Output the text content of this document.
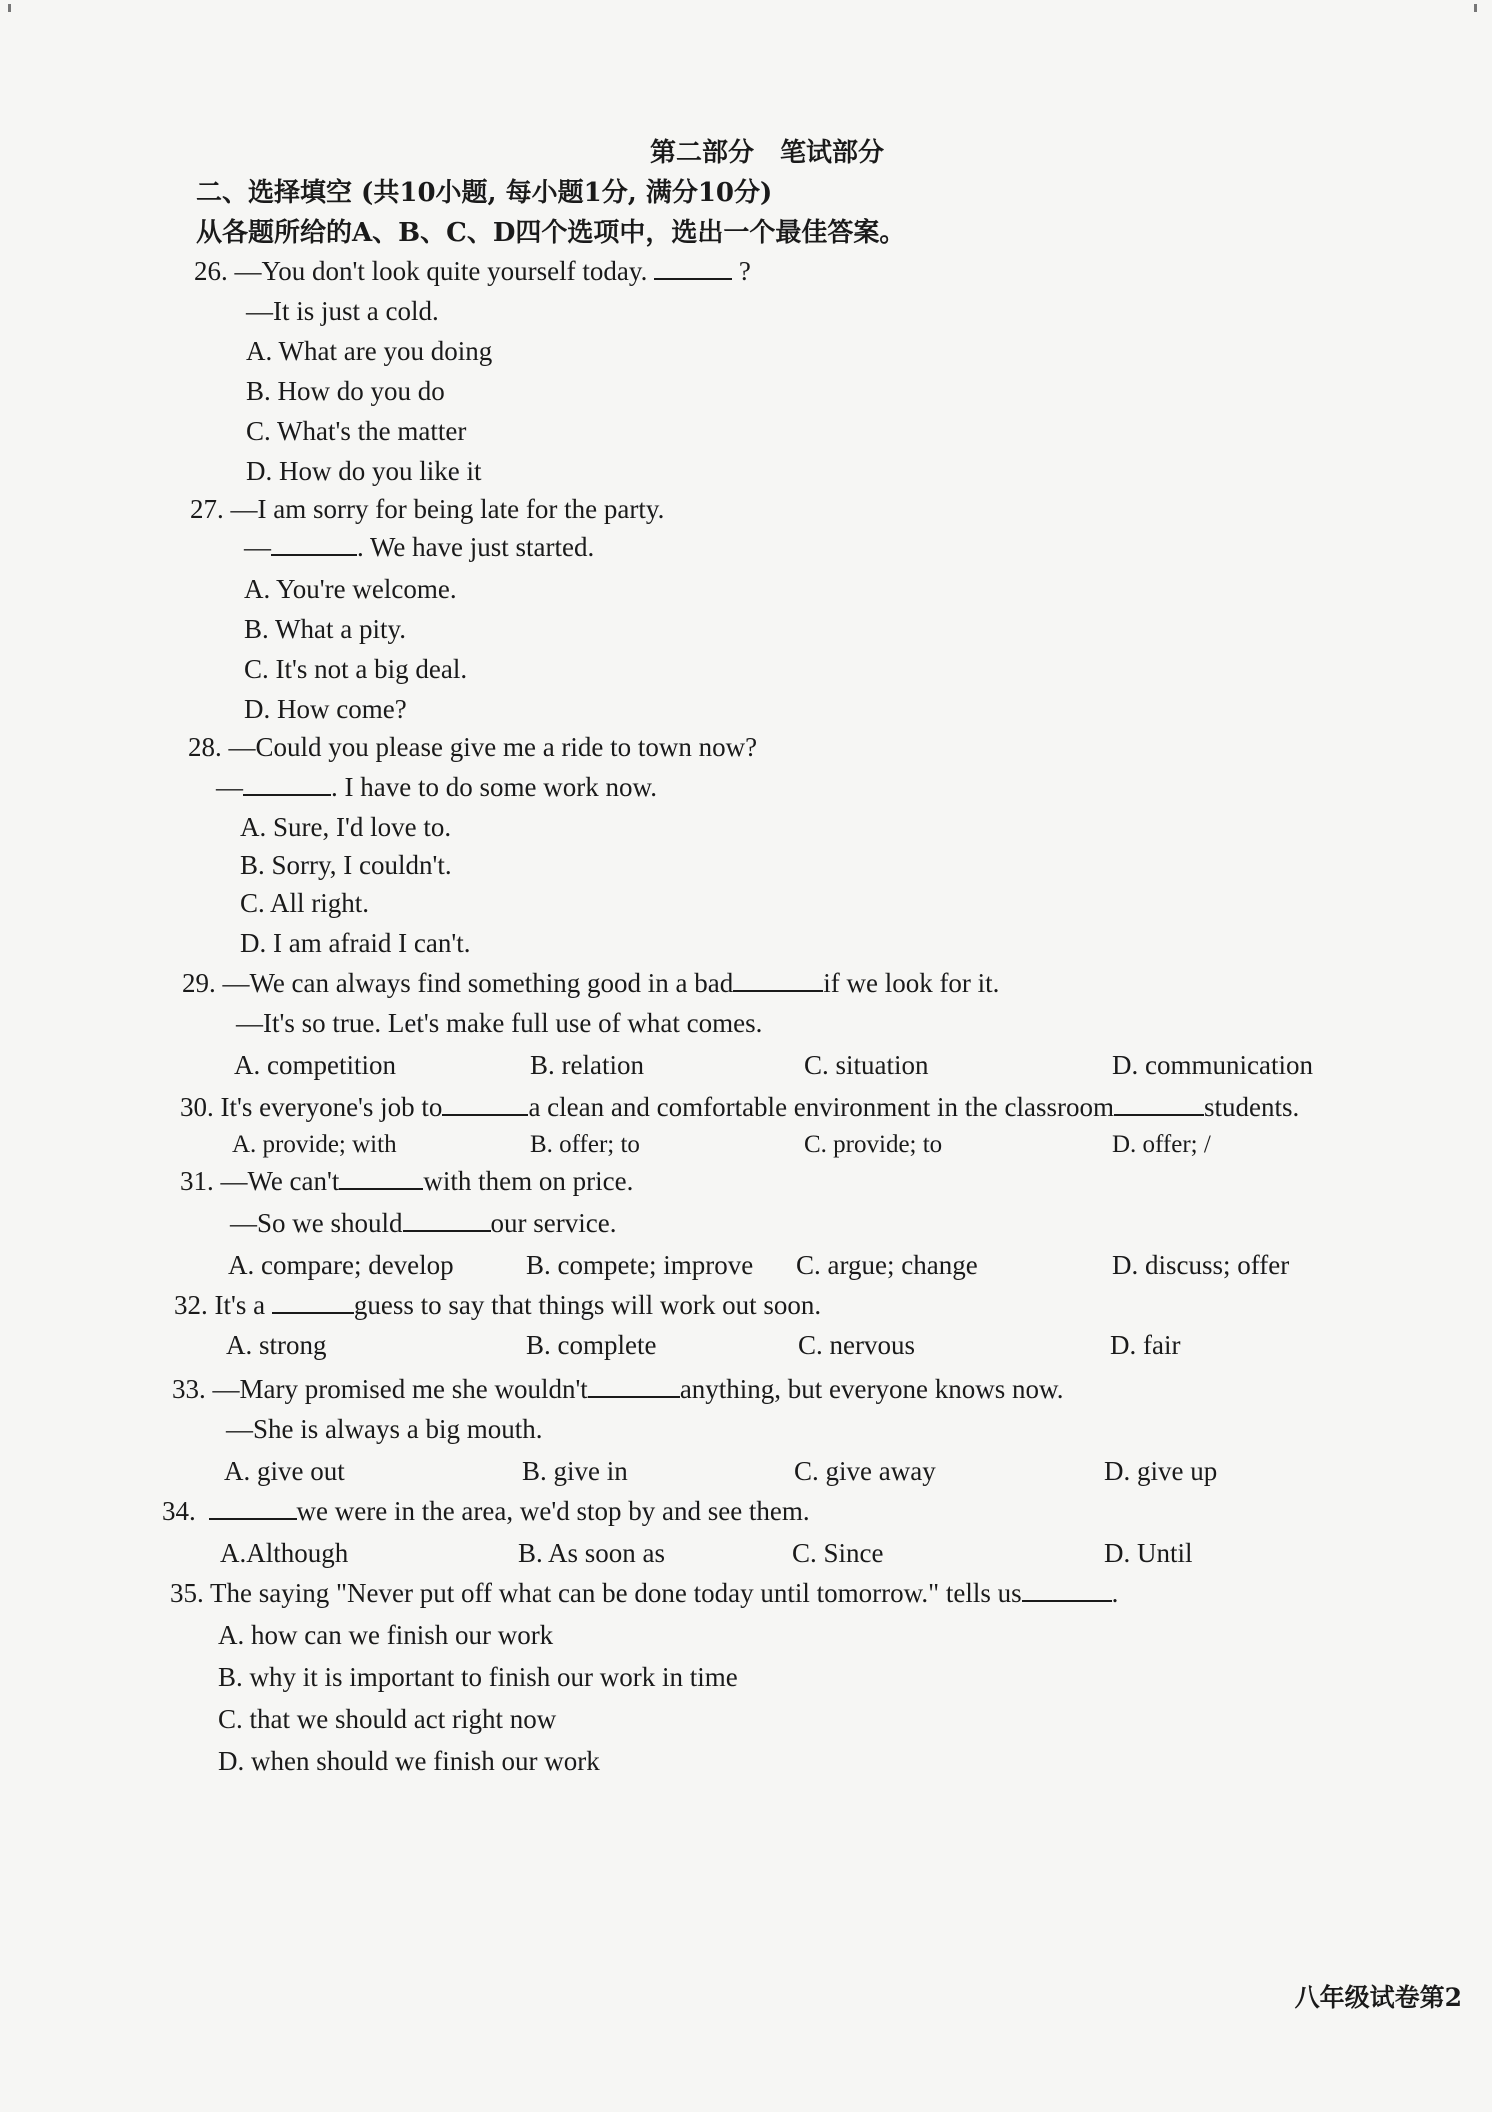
第二部分　笔试部分
二、选择填空 (共10小题, 每小题1分, 满分10分)
从各题所给的A、B、C、D四个选项中，选出一个最佳答案。
26. —You don't look quite yourself today.	?
—It is just a cold.
A. What are you doing
B. How do you do
C. What's the matter
D. How do you like it
27. —I am sorry for being late for the party.
—	. We have just started.
A. You're welcome.
B. What a pity.
C. It's not a big deal.
D. How come?
28. —Could you please give me a ride to town now?
—	. I have to do some work now.
A. Sure, I'd love to.
B. Sorry, I couldn't.
C. All right.
D. I am afraid I can't.
29. —We can always find something good in a bad	if we look for it.
—It's so true. Let's make full use of what comes.
A. competition	B. relation	C. situation	D. communication
30. It's everyone's job to	a clean and comfortable environment in the classroom	students.
A. provide; with	B. offer; to	C. provide; to	D. offer; /
31. —We can't	with them on price.
—So we should	our service.
A. compare; develop	B. compete; improve C. argue; change	D. discuss; offer
32. It's a	guess to say that things will work out soon.
A. strong	B. complete	C. nervous	D. fair
33. —Mary promised me she wouldn't	anything, but everyone knows now.
—She is always a big mouth.
A. give out	B. give in	C. give away	D. give up
34.	we were in the area, we'd stop by and see them.
A.Although	B. As soon as	C. Since	D. Until
35. The saying "Never put off what can be done today until tomorrow." tells us	.
A. how can we finish our work
B. why it is important to finish our work in time
C. that we should act right now
D. when should we finish our work
八年级试卷第2
